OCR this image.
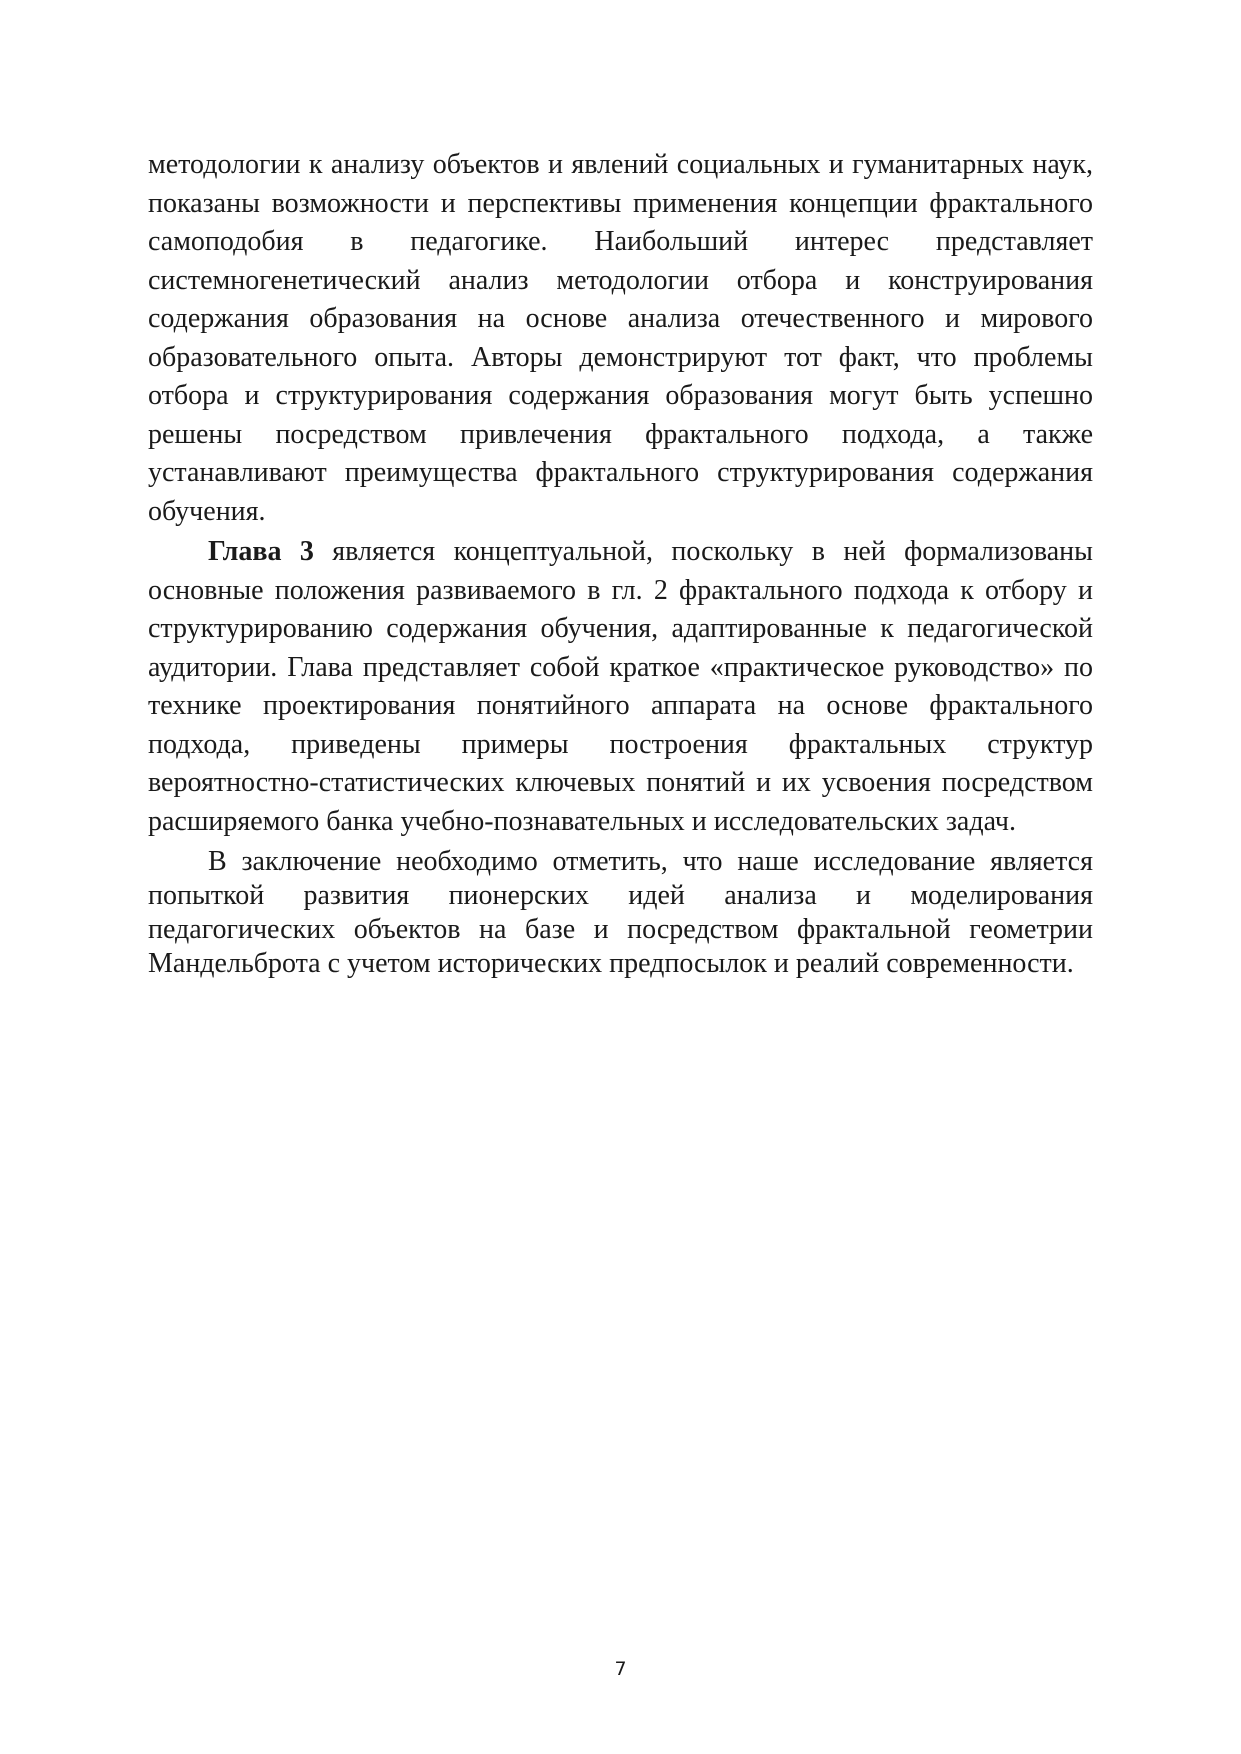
методологии к анализу объектов и явлений социальных и гуманитарных наук, показаны возможности и перспективы применения концепции фрактального самоподобия в педагогике. Наибольший интерес представляет системногенетический анализ методологии отбора и конструирования содержания образования на основе анализа отечественного и мирового образовательного опыта. Авторы демонстрируют тот факт, что проблемы отбора и структурирования содержания образования могут быть успешно решены посредством привлечения фрактального подхода, а также устанавливают преимущества фрактального структурирования содержания обучения.

Глава 3 является концептуальной, поскольку в ней формализованы основные положения развиваемого в гл. 2 фрактального подхода к отбору и структурированию содержания обучения, адаптированные к педагогической аудитории. Глава представляет собой краткое «практическое руководство» по технике проектирования понятийного аппарата на основе фрактального подхода, приведены примеры построения фрактальных структур вероятностно-статистических ключевых понятий и их усвоения посредством расширяемого банка учебно-познавательных и исследовательских задач.

В заключение необходимо отметить, что наше исследование является попыткой развития пионерских идей анализа и моделирования педагогических объектов на базе и посредством фрактальной геометрии Мандельброта с учетом исторических предпосылок и реалий современности.

7
